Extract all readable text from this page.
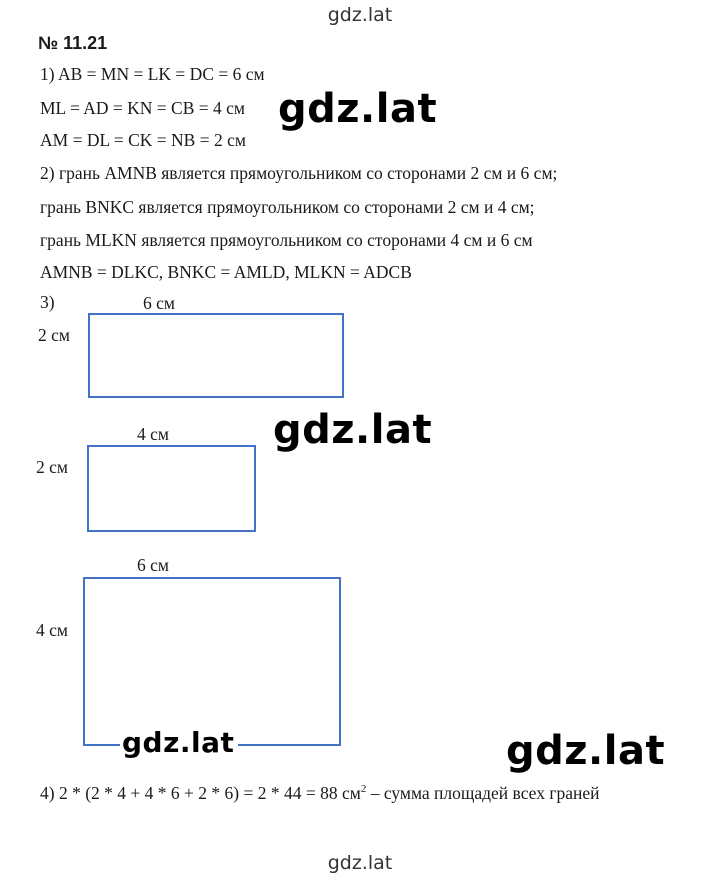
gdz.lat
№ 11.21
1) AB = MN = LK = DC = 6 см
ML = AD = KN = CB = 4 см
AM = DL = CK = NB = 2 см
2) грань AMNB является прямоугольником со сторонами 2 см и 6 см;
грань BNKC является прямоугольником со сторонами 2 см и 4 см;
грань MLKN является прямоугольником со сторонами 4 см и 6 см
AMNB = DLKC, BNKC = AMLD, MLKN = ADCB
3)	6 см
2 см
4 см
2 см
6 см
4 см
4) 2 * (2 * 4 + 4 * 6 + 2 * 6) = 2 * 44 = 88 $см^2$ – сумма площадей всех граней
gdz.lat
gdz.lat
gdz.lat	gdz.lat
gdz.lat
